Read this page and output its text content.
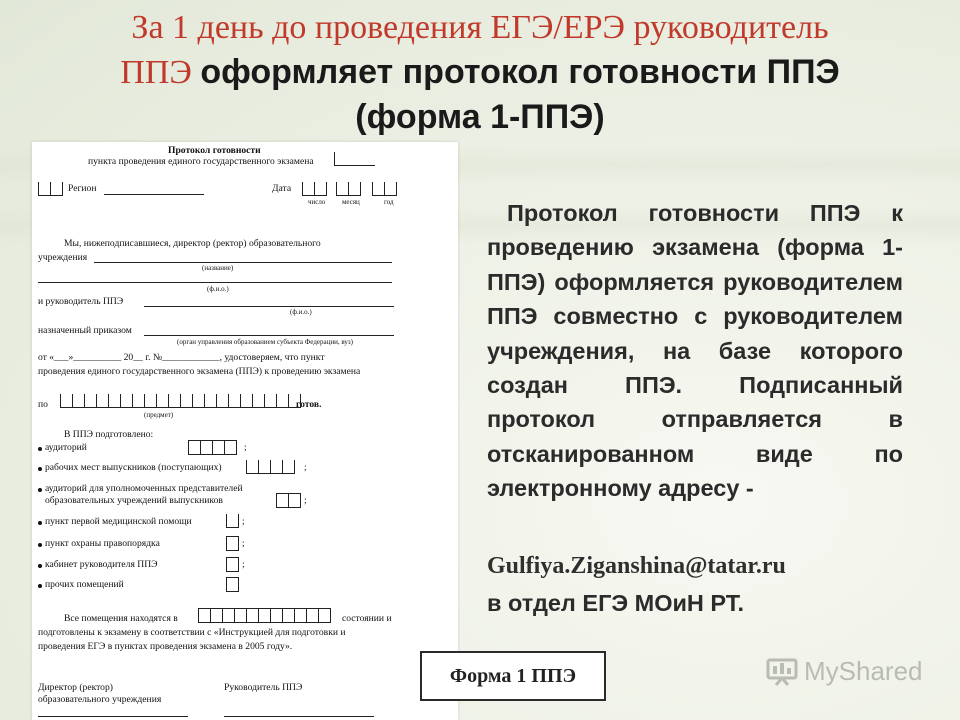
За 1 день до проведения ЕГЭ/ЕРЭ руководитель
ППЭ оформляет протокол готовности ППЭ
(форма 1-ППЭ)
Протокол готовности
пункта проведения единого государственного экзамена
Регион	Дата
число месяц	год
Мы, нижеподписавшиеся, директор (ректор) образовательного
учреждения
(название)
(ф.и.о.)
и руководитель ППЭ
(ф.и.о.)
назначенный приказом
(орган управления образованием субъекта Федерации, вуз)
от «___»__________ 20__ г. №____________, удостоверяем, что пункт
проведения единого государственного экзамена (ППЭ) к проведению экзамена
по
(предмет)
готов.
В ППЭ подготовлено:
аудиторий	;
рабочих мест выпускников (поступающих)	;
аудиторий для уполномоченных представителей
образовательных учреждений выпускников	;
пункт первой медицинской помощи	;
пункт охраны правопорядка	;
кабинет руководителя ППЭ	;
прочих помещений
Все помещения находятся в	состоянии и
подготовлены к экзамену в соответствии с «Инструкцией для подготовки и
проведения ЕГЭ в пунктах проведения экзамена в 2005 году».
Директор (ректор)
образовательного учреждения
Руководитель ППЭ
Протокол готовности ППЭ к проведению экзамена (форма 1-ППЭ) оформляется руководителем ППЭ совместно с руководителем учреждения, на базе которого создан ППЭ. Подписанный протокол отправляется в отсканированном виде по электронному адресу -
Gulfiya.Ziganshina@tatar.ru
в отдел ЕГЭ МОиН РТ.
Форма 1 ППЭ	MyShared
